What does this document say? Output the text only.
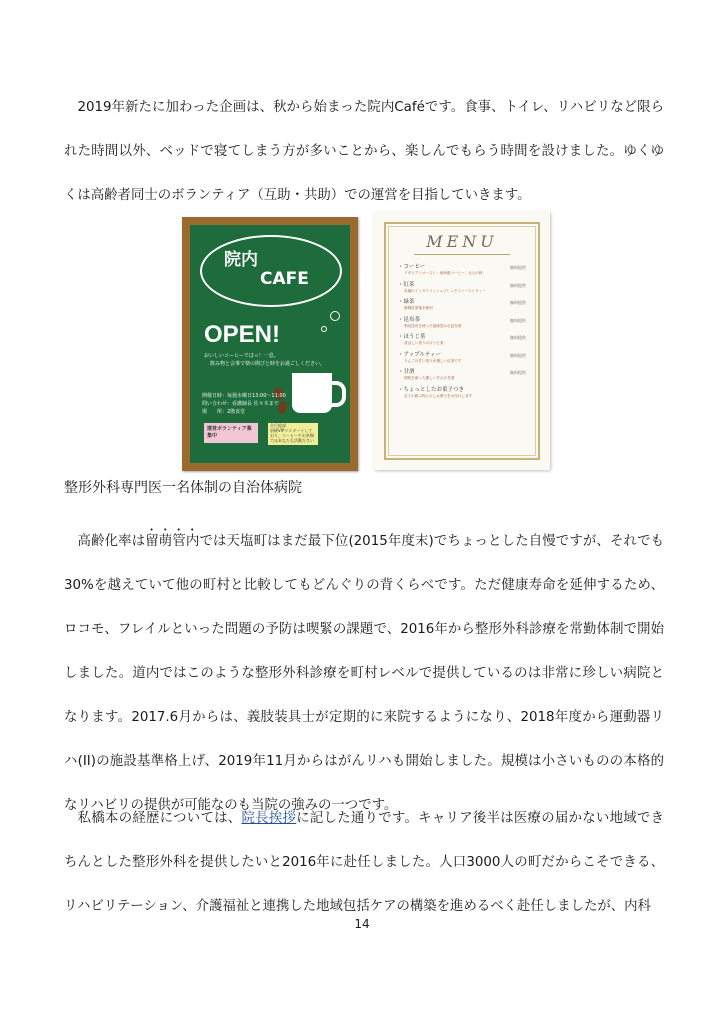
　2019年新たに加わった企画は、秋から始まった院内Caféです。食事、トイレ、リハビリなど限られた時間以外、ベッドで寝てしまう方が多いことから、楽しんでもらう時間を設けました。ゆくゆくは高齢者同士のボランティア（互助・共助）での運営を目指していきます。

院内
CAFE
OPEN!
おいしいコーヒーでほっ！一息。
飲み物と会事で楽の開びと時をお過ごしください。
開催日時：毎週水曜日13:00～11:00
問い合わせ：看護師長 佐々木まで
場　　所：2階食堂
運営ボランティア募集中
合行総部
厨療VIPリスタートして
おり、コーヒーやお茶類
でほあなたも活動ださい
MENU
・コーヒー	無料提供
イタリアンロースト・東海道コーヒー、大人の味
・紅茶	無料提供
本場のインダイリッシュブレックファーストティー
・緑茶	無料提供
静岡産茶葉を使用
・昆布茶	無料提供
利尻昆布を使った風味豊かな昆布茶
・ほうじ茶	無料提供
香ばしい香りのほうじ茶
・アップルティー	無料提供
りんごの甘い香りが優しい紅茶です
・甘酒	無料提供
酒粕を使った優しい甘さの甘酒
・ちょっとしたお菓子つき
全ての飲み物に少しお菓子をお付けします
整形外科専門医一名体制の自治体病院

 高齢化率は留萌管内では天塩町はまだ最下位(2015年度末)でちょっとした自慢ですが、それでも30%を越えていて他の町村と比較してもどんぐりの背くらべです。ただ健康寿命を延伸するため、ロコモ、フレイルといった問題の予防は喫緊の課題で、2016年から整形外科診療を常勤体制で開始しました。道内ではこのような整形外科診療を町村レベルで提供しているのは非常に珍しい病院となります。2017.6月からは、義肢装具士が定期的に来院するようになり、2018年度から運動器リハ(II)の施設基準格上げ、2019年11月からはがんリハも開始しました。規模は小さいものの本格的なリハビリの提供が可能なのも当院の強みの一つです。

 私橋本の経歴については、院長挨拶に記した通りです。キャリア後半は医療の届かない地域できちんとした整形外科を提供したいと2016年に赴任しました。人口3000人の町だからこそできる、リハビリテーション、介護福祉と連携した地域包括ケアの構築を進めるべく赴任しましたが、内科

14
